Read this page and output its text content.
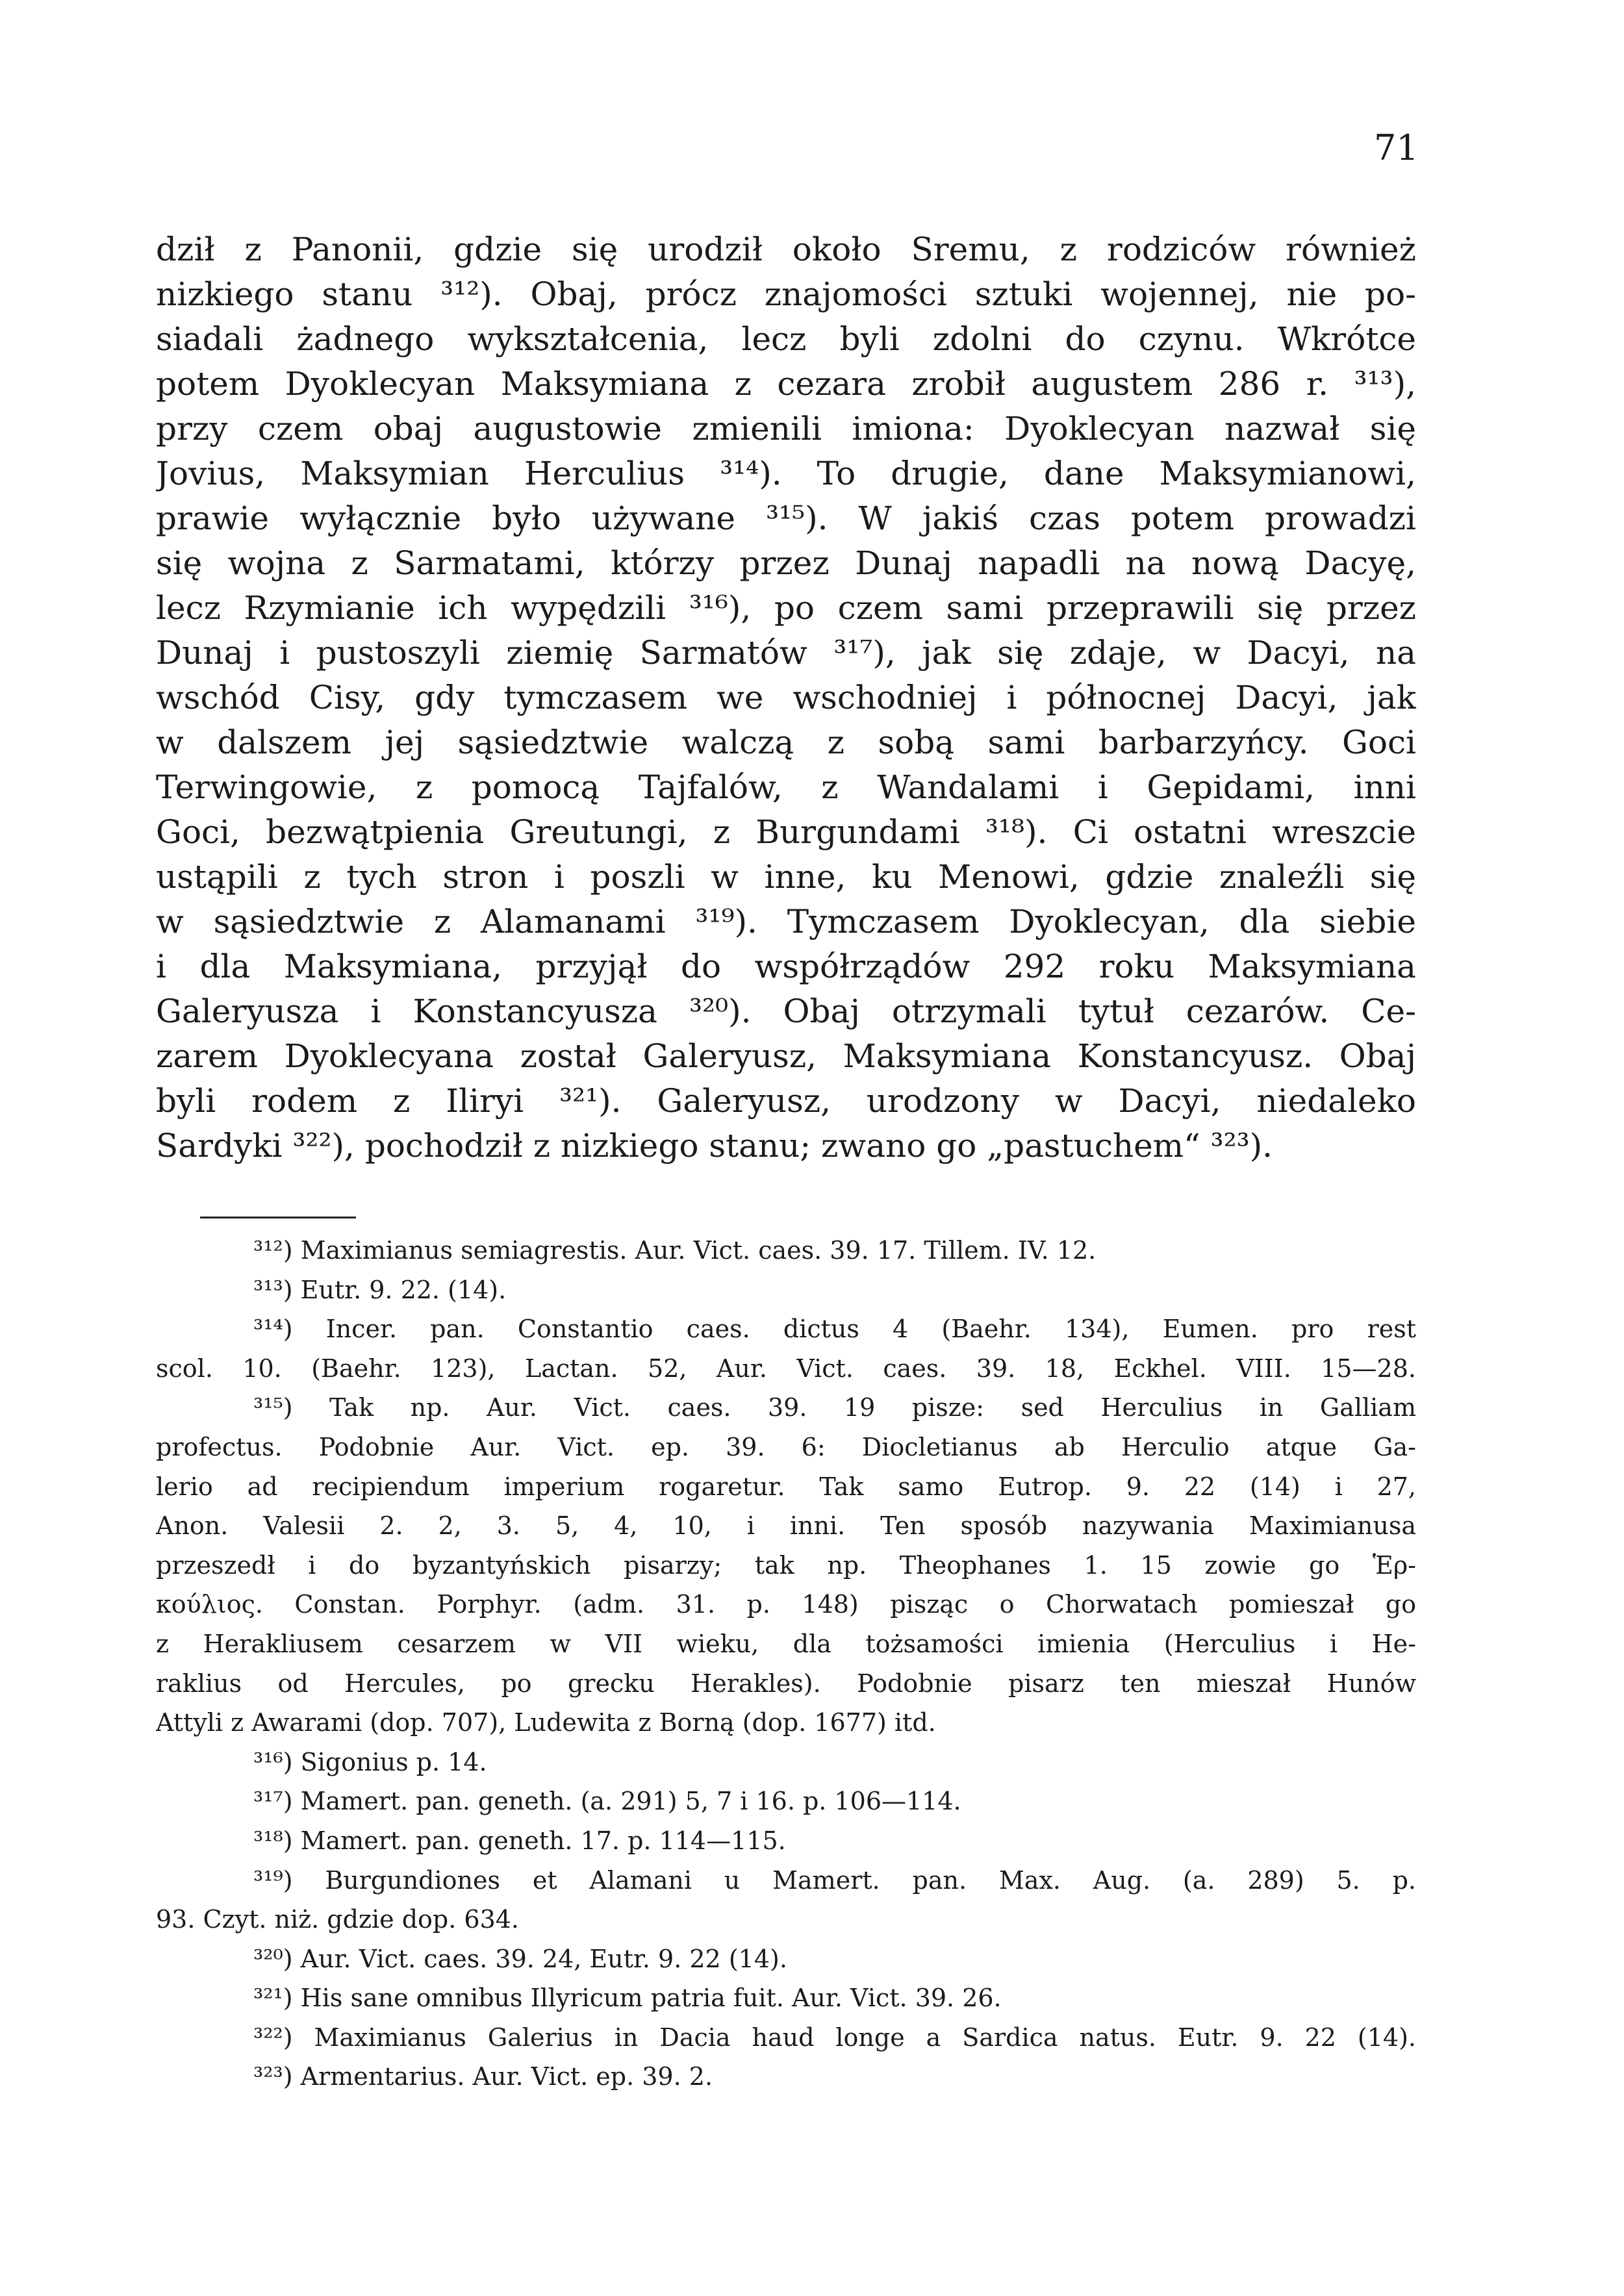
71
dził z Panonii, gdzie się urodził około Sremu, z rodziców również
nizkiego stanu ³¹²). Obaj, prócz znajomości sztuki wojennej, nie po-
siadali żadnego wykształcenia, lecz byli zdolni do czynu. Wkrótce
potem Dyoklecyan Maksymiana z cezara zrobił augustem 286 r. ³¹³),
przy czem obaj augustowie zmienili imiona: Dyoklecyan nazwał się
Jovius, Maksymian Herculius ³¹⁴). To drugie, dane Maksymianowi,
prawie wyłącznie było używane ³¹⁵). W jakiś czas potem prowadzi
się wojna z Sarmatami, którzy przez Dunaj napadli na nową Dacyę,
lecz Rzymianie ich wypędzili ³¹⁶), po czem sami przeprawili się przez
Dunaj i pustoszyli ziemię Sarmatów ³¹⁷), jak się zdaje, w Dacyi, na
wschód Cisy, gdy tymczasem we wschodniej i północnej Dacyi, jak
w dalszem jej sąsiedztwie walczą z sobą sami barbarzyńcy. Goci
Terwingowie, z pomocą Tajfalów, z Wandalami i Gepidami, inni
Goci, bezwątpienia Greutungi, z Burgundami ³¹⁸). Ci ostatni wreszcie
ustąpili z tych stron i poszli w inne, ku Menowi, gdzie znaleźli się
w sąsiedztwie z Alamanami ³¹⁹). Tymczasem Dyoklecyan, dla siebie
i dla Maksymiana, przyjął do współrządów 292 roku Maksymiana
Galeryusza i Konstancyusza ³²⁰). Obaj otrzymali tytuł cezarów. Ce-
zarem Dyoklecyana został Galeryusz, Maksymiana Konstancyusz. Obaj
byli rodem z Iliryi ³²¹). Galeryusz, urodzony w Dacyi, niedaleko
Sardyki ³²²), pochodził z nizkiego stanu; zwano go „pastuchem“ ³²³).
³¹²) Maximianus semiagrestis. Aur. Vict. caes. 39. 17. Tillem. IV. 12.
³¹³) Eutr. 9. 22. (14).
³¹⁴) Incer. pan. Constantio caes. dictus 4 (Baehr. 134), Eumen. pro rest
scol. 10. (Baehr. 123), Lactan. 52, Aur. Vict. caes. 39. 18, Eckhel. VIII. 15—28.
³¹⁵) Tak np. Aur. Vict. caes. 39. 19 pisze: sed Herculius in Galliam
profectus. Podobnie Aur. Vict. ep. 39. 6: Diocletianus ab Herculio atque Ga-
lerio ad recipiendum imperium rogaretur. Tak samo Eutrop. 9. 22 (14) i 27,
Anon. Valesii 2. 2, 3. 5, 4, 10, i inni. Ten sposób nazywania Maximianusa
przeszedł i do byzantyńskich pisarzy; tak np. Theophanes 1. 15 zowie go Ἑρ-
κούλιος. Constan. Porphyr. (adm. 31. p. 148) pisząc o Chorwatach pomieszał go
z Herakliusem cesarzem w VII wieku, dla tożsamości imienia (Herculius i He-
raklius od Hercules, po grecku Herakles). Podobnie pisarz ten mieszał Hunów
Attyli z Awarami (dop. 707), Ludewita z Borną (dop. 1677) itd.
³¹⁶) Sigonius p. 14.
³¹⁷) Mamert. pan. geneth. (a. 291) 5, 7 i 16. p. 106—114.
³¹⁸) Mamert. pan. geneth. 17. p. 114—115.
³¹⁹) Burgundiones et Alamani u Mamert. pan. Max. Aug. (a. 289) 5. p.
93. Czyt. niż. gdzie dop. 634.
³²⁰) Aur. Vict. caes. 39. 24, Eutr. 9. 22 (14).
³²¹) His sane omnibus Illyricum patria fuit. Aur. Vict. 39. 26.
³²²) Maximianus Galerius in Dacia haud longe a Sardica natus. Eutr. 9. 22 (14).
³²³) Armentarius. Aur. Vict. ep. 39. 2.
